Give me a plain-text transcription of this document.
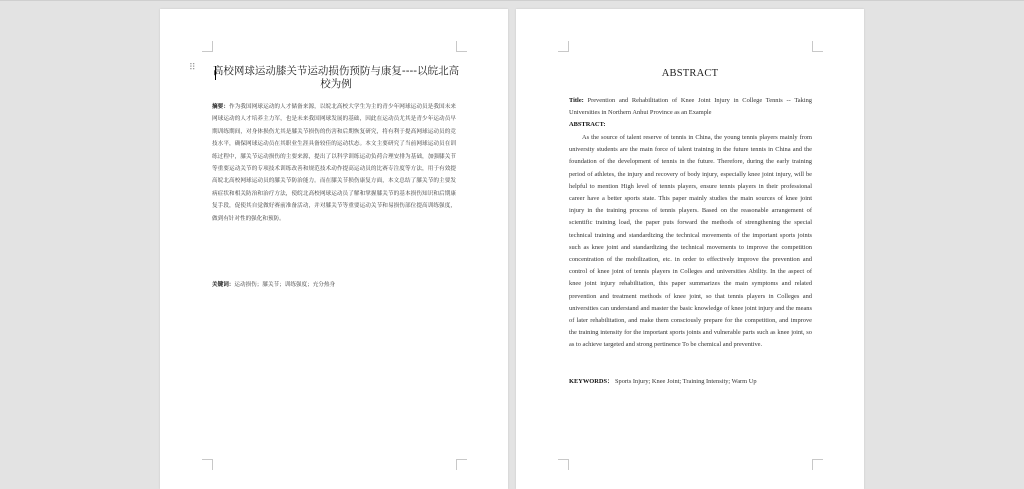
⠿ 高校网球运动膝关节运动损伤预防与康复----以皖北高校为例
摘要：作为我国网球运动的人才储备来源，以皖北高校大学生为主的青少年网球运动员是我国未来网球运动的人才培养主力军，也是未来我国网球发展的基础，因此在运动员尤其是青少年运动员早期训练期间，对身体损伤尤其是膝关节损伤的伤害和后期恢复研究，将有利于提高网球运动员的竞技水平，确保网球运动员在其职业生涯具备较佳的运动状态。本文主要研究了当前网球运动员在训练过程中，膝关节运动损伤的主要来源，提出了以科学训练运动负荷合理安排为基础，加强膝关节等重要运动关节的专项技术训练改善和规范技术动作提高运动员的比赛专注度等方法，用于有效提高皖北高校网球运动员的膝关节防治能力。而在膝关节损伤康复方面，本文总结了膝关节的主要发病症状和相关防治和治疗方法，使皖北高校网球运动员了解和掌握膝关节的基本损伤知识和后期康复手段，促使其自觉做好赛前准备活动，并对膝关节等重要运动关节和易损伤部位提高训练强度，做到有针对性的强化和预防。
关键词：运动损伤；膝关节；训练强度；充分热身
ABSTRACT
Title: Prevention and Rehabilitation of Knee Joint Injury in College Tennis -- Taking Universities in Northern Anhui Province as an Example
ABSTRACT:
As the source of talent reserve of tennis in China, the young tennis players mainly from university students are the main force of talent training in the future tennis in China and the foundation of the development of tennis in the future. Therefore, during the early training period of athletes, the injury and recovery of body injury, especially knee joint injury, will be helpful to mention High level of tennis players, ensure tennis players in their professional career have a better sports state. This paper mainly studies the main sources of knee joint injury in the training process of tennis players. Based on the reasonable arrangement of scientific training load, the paper puts forward the methods of strengthening the special technical training and standardizing the technical movements of the important sports joints such as knee joint and standardizing the technical movements to improve the competition concentration of the mobilization, etc. in order to effectively improve the prevention and control of knee joint of tennis players in Colleges and universities Ability. In the aspect of knee joint injury rehabilitation, this paper summarizes the main symptoms and related prevention and treatment methods of knee joint, so that tennis players in Colleges and universities can understand and master the basic knowledge of knee joint injury and the means of later rehabilitation, and make them consciously prepare for the competition, and improve the training intensity for the important sports joints and vulnerable parts such as knee joint, so as to achieve targeted and strong pertinence To be chemical and preventive.
KEYWORDS： Sports Injury; Knee Joint; Training Intensity; Warm Up
